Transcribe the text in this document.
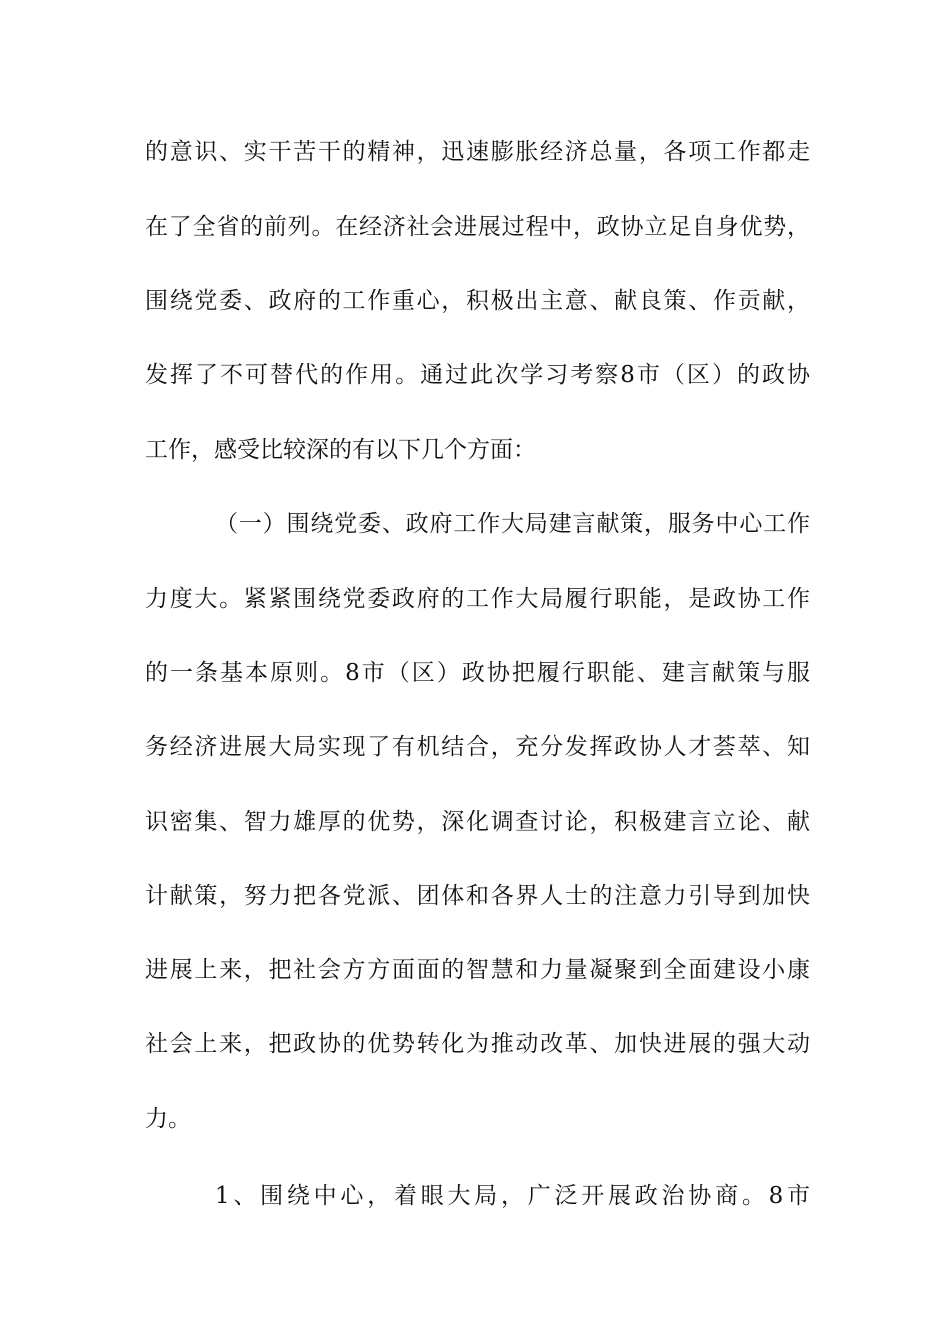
的意识、实干苦干的精神，迅速膨胀经济总量，各项工作都走
在了全省的前列。在经济社会进展过程中，政协立足自身优势，
围绕党委、政府的工作重心，积极出主意、献良策、作贡献，
发挥了不可替代的作用。通过此次学习考察8市（区）的政协
工作，感受比较深的有以下几个方面：
（一）围绕党委、政府工作大局建言献策，服务中心工作
力度大。紧紧围绕党委政府的工作大局履行职能，是政协工作
的一条基本原则。8市（区）政协把履行职能、建言献策与服
务经济进展大局实现了有机结合，充分发挥政协人才荟萃、知
识密集、智力雄厚的优势，深化调查讨论，积极建言立论、献
计献策，努力把各党派、团体和各界人士的注意力引导到加快
进展上来，把社会方方面面的智慧和力量凝聚到全面建设小康
社会上来，把政协的优势转化为推动改革、加快进展的强大动
力。
1、围绕中心，着眼大局，广泛开展政治协商。8市
